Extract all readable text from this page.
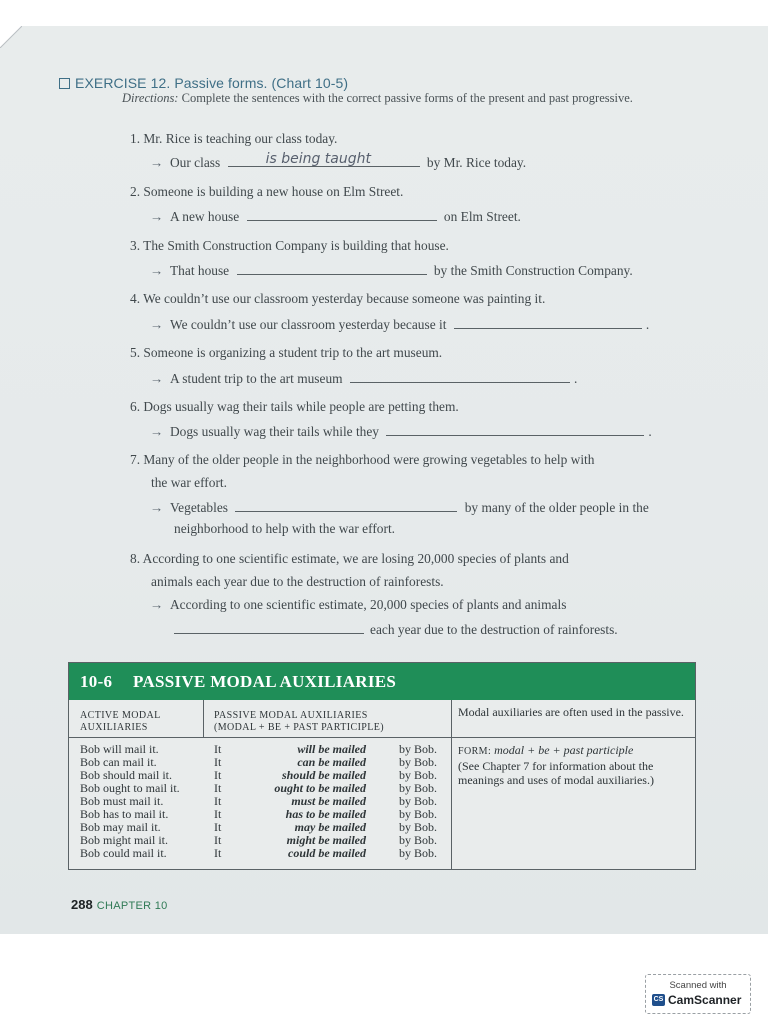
EXERCISE 12. Passive forms. (Chart 10-5)
Directions: Complete the sentences with the correct passive forms of the present and past progressive.
1. Mr. Rice is teaching our class today.
→ Our class	is being taught	by Mr. Rice today.
2. Someone is building a new house on Elm Street.
→ A new house	on Elm Street.
3. The Smith Construction Company is building that house.
→ That house	by the Smith Construction Company.
4. We couldn’t use our classroom yesterday because someone was painting it.
→ We couldn’t use our classroom yesterday because it	.
5. Someone is organizing a student trip to the art museum.
→ A student trip to the art museum	.
6. Dogs usually wag their tails while people are petting them.
→ Dogs usually wag their tails while they	.
7. Many of the older people in the neighborhood were growing vegetables to help with
the war effort.
→ Vegetables	by many of the older people in the
neighborhood to help with the war effort.
8. According to one scientific estimate, we are losing 20,000 species of plants and
animals each year due to the destruction of rainforests.
→ According to one scientific estimate, 20,000 species of plants and animals
each year due to the destruction of rainforests.
10-6 PASSIVE MODAL AUXILIARIES
ACTIVE MODAL
AUXILIARIES
PASSIVE MODAL AUXILIARIES
(MODAL + BE + PAST PARTICIPLE)
Modal auxiliaries are often used in the passive.
Bob will mail it.	It	will be mailed	by Bob.
Bob can mail it.	It	can be mailed	by Bob.
Bob should mail it.	It	should be mailed	by Bob.
Bob ought to mail it.	It	ought to be mailed	by Bob.
Bob must mail it.	It	must be mailed	by Bob.
Bob has to mail it.	It	has to be mailed	by Bob.
Bob may mail it.	It	may be mailed	by Bob.
Bob might mail it.	It	might be mailed	by Bob.
Bob could mail it.	It	could be mailed	by Bob.
FORM: modal + be + past participle
(See Chapter 7 for information about the meanings and uses of modal auxiliaries.)
288 CHAPTER 10
Scanned with
CS CamScanner
